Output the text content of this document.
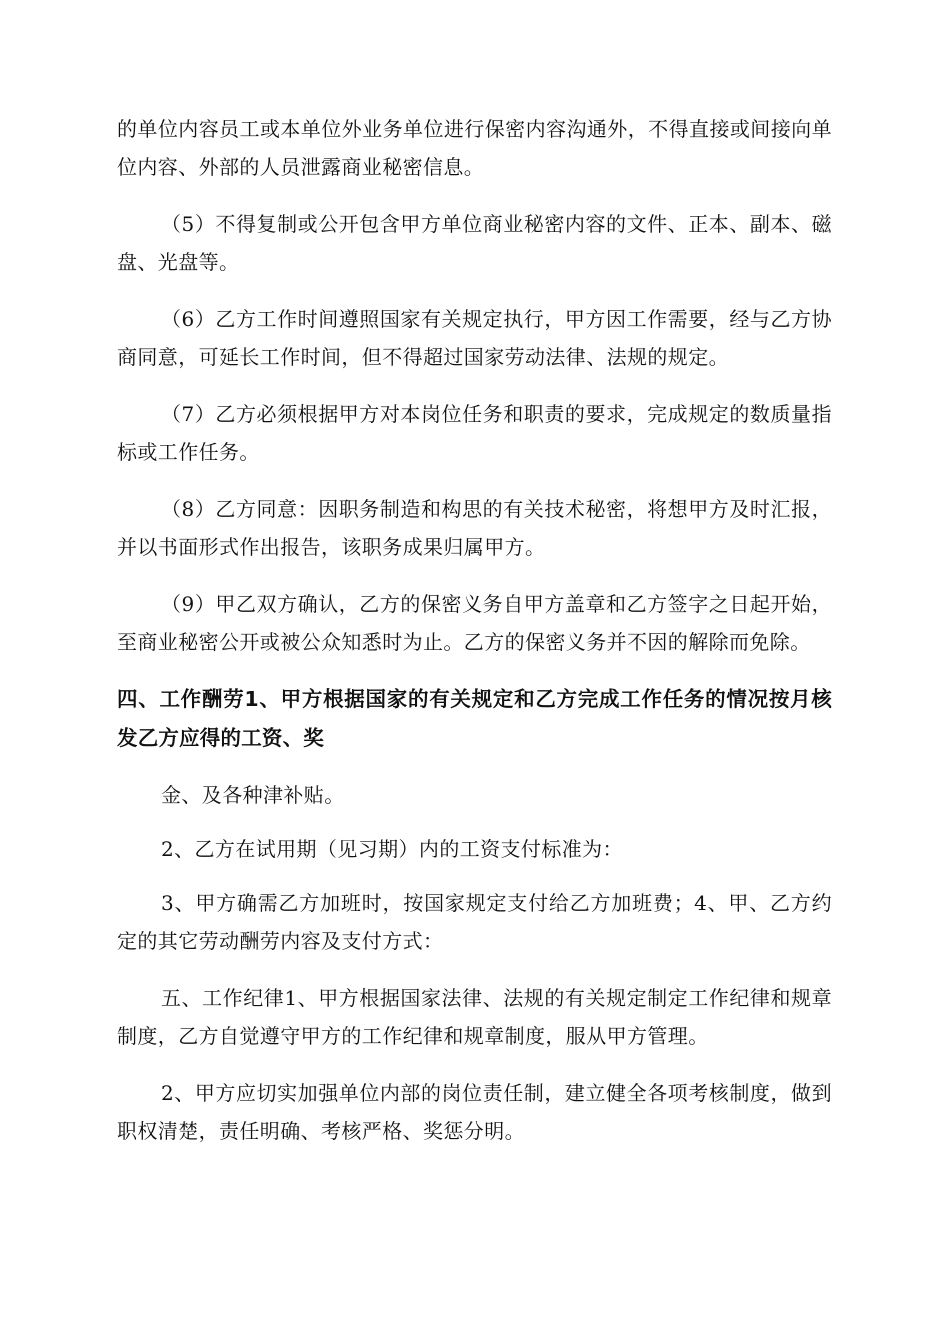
的单位内容员工或本单位外业务单位进行保密内容沟通外，不得直接或间接向单位内容、外部的人员泄露商业秘密信息。

（5）不得复制或公开包含甲方单位商业秘密内容的文件、正本、副本、磁盘、光盘等。

（6）乙方工作时间遵照国家有关规定执行，甲方因工作需要，经与乙方协商同意，可延长工作时间，但不得超过国家劳动法律、法规的规定。

（7）乙方必须根据甲方对本岗位任务和职责的要求，完成规定的数质量指标或工作任务。

（8）乙方同意：因职务制造和构思的有关技术秘密，将想甲方及时汇报，并以书面形式作出报告，该职务成果归属甲方。

（9）甲乙双方确认，乙方的保密义务自甲方盖章和乙方签字之日起开始，至商业秘密公开或被公众知悉时为止。乙方的保密义务并不因的解除而免除。

四、工作酬劳1、甲方根据国家的有关规定和乙方完成工作任务的情况按月核发乙方应得的工资、奖

金、及各种津补贴。

2、乙方在试用期（见习期）内的工资支付标准为：

3、甲方确需乙方加班时，按国家规定支付给乙方加班费；4、甲、乙方约定的其它劳动酬劳内容及支付方式：

五、工作纪律1、甲方根据国家法律、法规的有关规定制定工作纪律和规章制度，乙方自觉遵守甲方的工作纪律和规章制度，服从甲方管理。

2、甲方应切实加强单位内部的岗位责任制，建立健全各项考核制度，做到职权清楚，责任明确、考核严格、奖惩分明。
